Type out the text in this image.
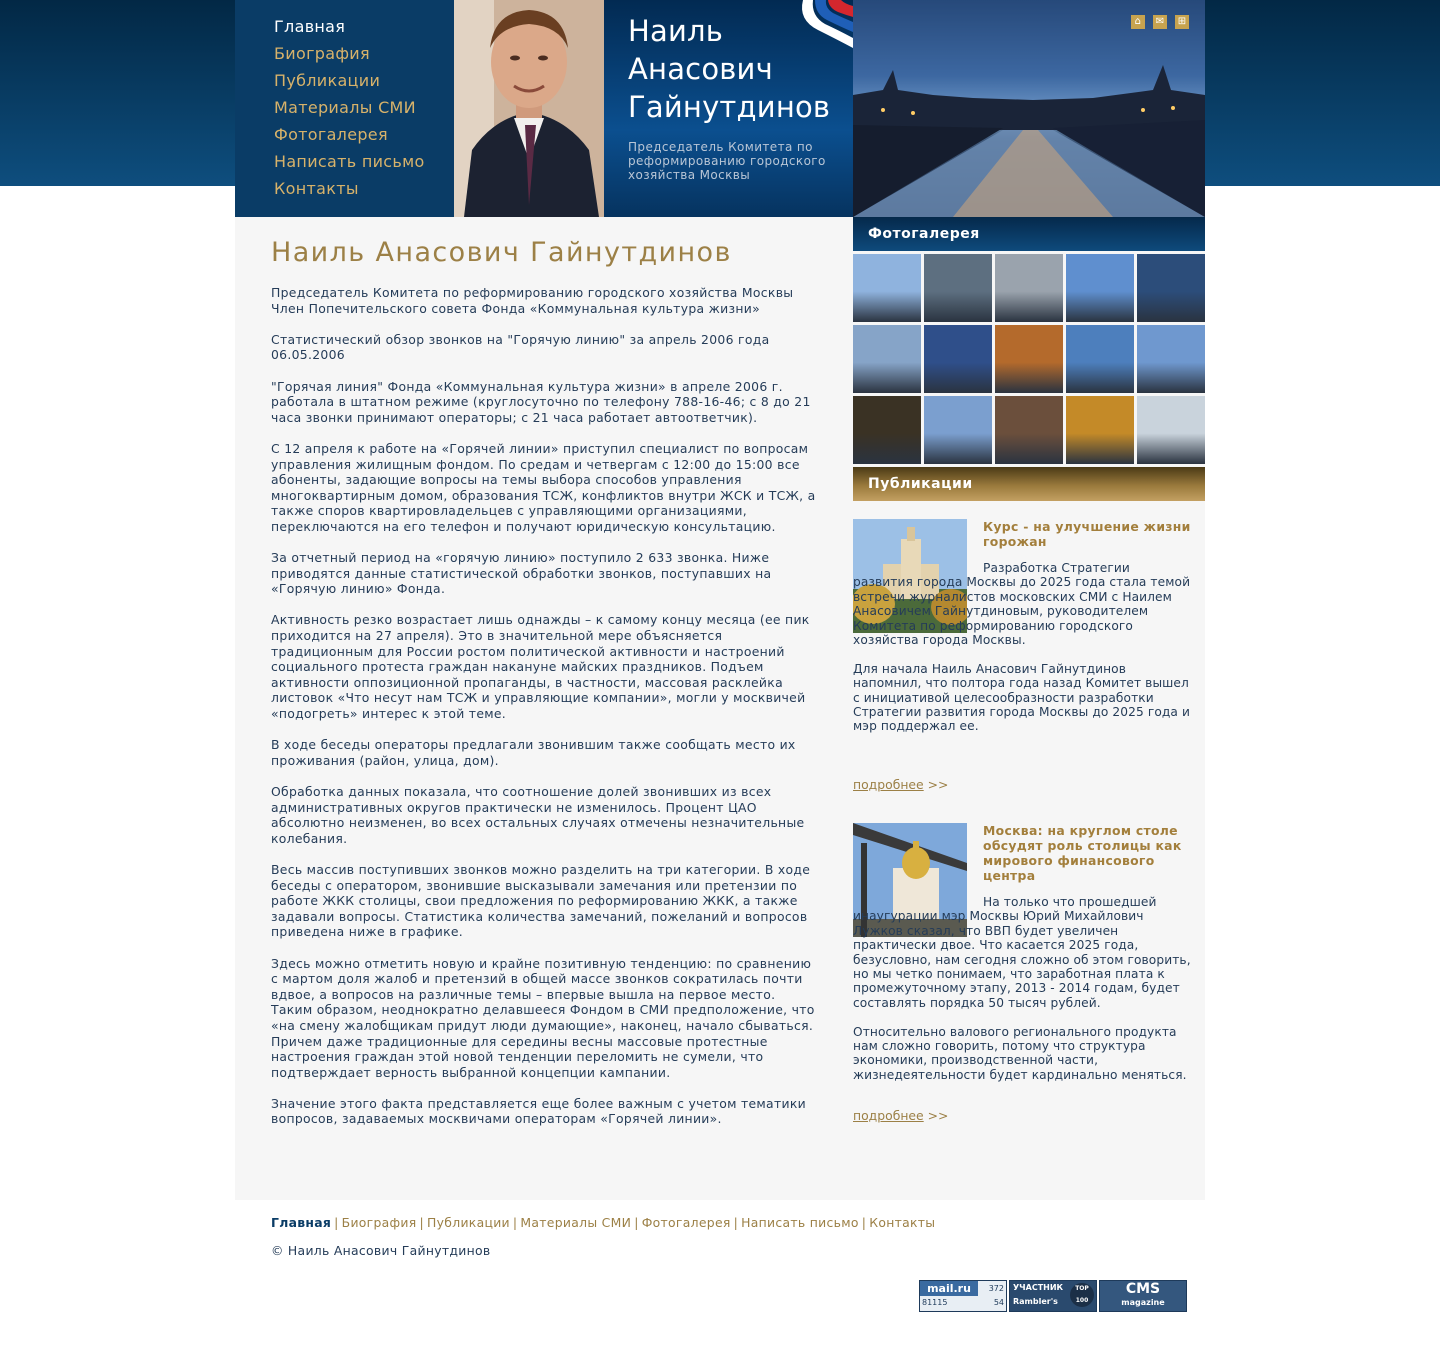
Главная
Биография
Публикации
Материалы СМИ
Фотогалерея
Написать письмо
Контакты
Наиль
Анасович
Гайнутдинов

Председатель Комитета по реформированию городского хозяйства Москвы

⌂ ✉ ⊞
Наиль Анасович Гайнутдинов

Председатель Комитета по реформированию городского хозяйства Москвы
Член Попечительского совета Фонда «Коммунальная культура жизни»

Статистический обзор звонков на "Горячую линию" за апрель 2006 года
06.05.2006

"Горячая линия" Фонда «Коммунальная культура жизни» в апреле 2006 г. работала в штатном режиме (круглосуточно по телефону 788-16-46; с 8 до 21 часа звонки принимают операторы; с 21 часа работает автоответчик).

С 12 апреля к работе на «Горячей линии» приступил специалист по вопросам управления жилищным фондом. По средам и четвергам с 12:00 до 15:00 все абоненты, задающие вопросы на темы выбора способов управления многоквартирным домом, образования ТСЖ, конфликтов внутри ЖСК и ТСЖ, а также споров квартировладельцев с управляющими организациями, переключаются на его телефон и получают юридическую консультацию.

За отчетный период на «горячую линию» поступило 2 633 звонка. Ниже приводятся данные статистической обработки звонков, поступавших на «Горячую линию» Фонда.

Активность резко возрастает лишь однажды – к самому концу месяца (ее пик приходится на 27 апреля). Это в значительной мере объясняется традиционным для России ростом политической активности и настроений социального протеста граждан накануне майских праздников. Подъем активности оппозиционной пропаганды, в частности, массовая расклейка листовок «Что несут нам ТСЖ и управляющие компании», могли у москвичей «подогреть» интерес к этой теме.

В ходе беседы операторы предлагали звонившим также сообщать место их проживания (район, улица, дом).

Обработка данных показала, что соотношение долей звонивших из всех административных округов практически не изменилось. Процент ЦАО абсолютно неизменен, во всех остальных случаях отмечены незначительные колебания.

Весь массив поступивших звонков можно разделить на три категории. В ходе беседы с оператором, звонившие высказывали замечания или претензии по работе ЖКК столицы, свои предложения по реформированию ЖКК, а также задавали вопросы. Статистика количества замечаний, пожеланий и вопросов приведена ниже в графике.

Здесь можно отметить новую и крайне позитивную тенденцию: по сравнению с мартом доля жалоб и претензий в общей массе звонков сократилась почти вдвое, а вопросов на различные темы – впервые вышла на первое место. Таким образом, неоднократно делавшееся Фондом в СМИ предположение, что «на смену жалобщикам придут люди думающие», наконец, начало сбываться. Причем даже традиционные для середины весны массовые протестные настроения граждан этой новой тенденции переломить не сумели, что подтверждает верность выбранной концепции кампании.

Значение этого факта представляется еще более важным с учетом тематики вопросов, задаваемых москвичами операторам «Горячей линии».

Фотогалерея
Публикации
Курс - на улучшение жизни горожан

Разработка Стратегии развития города Москвы до 2025 года стала темой встречи журналистов московских СМИ с Наилем Анасовичем Гайнутдиновым, руководителем Комитета по реформированию городского хозяйства города Москвы.

Для начала Наиль Анасович Гайнутдинов напомнил, что полтора года назад Комитет вышел с инициативой целесообразности разработки Стратегии развития города Москвы до 2025 года и мэр поддержал ее.

подробнее >>
Москва: на круглом столе обсудят роль столицы как мирового финансового центра

На только что прошедшей инаугурации мэр Москвы Юрий Михайлович Лужков сказал, что ВВП будет увеличен практически двое. Что касается 2025 года, безусловно, нам сегодня сложно об этом говорить, но мы четко понимаем, что заработная плата к промежуточному этапу, 2013 - 2014 годам, будет составлять порядка 50 тысяч рублей.

Относительно валового регионального продукта нам сложно говорить, потому что структура экономики, производственной части, жизнедеятельности будет кардинально меняться.

подробнее >>
Главная | Биография | Публикации | Материалы СМИ | Фотогалерея | Написать письмо | Контакты
© Наиль Анасович Гайнутдинов
mail.ru
81115
372
54
УЧАСТНИК
Rambler's
TOP 100
CMS
magazine
